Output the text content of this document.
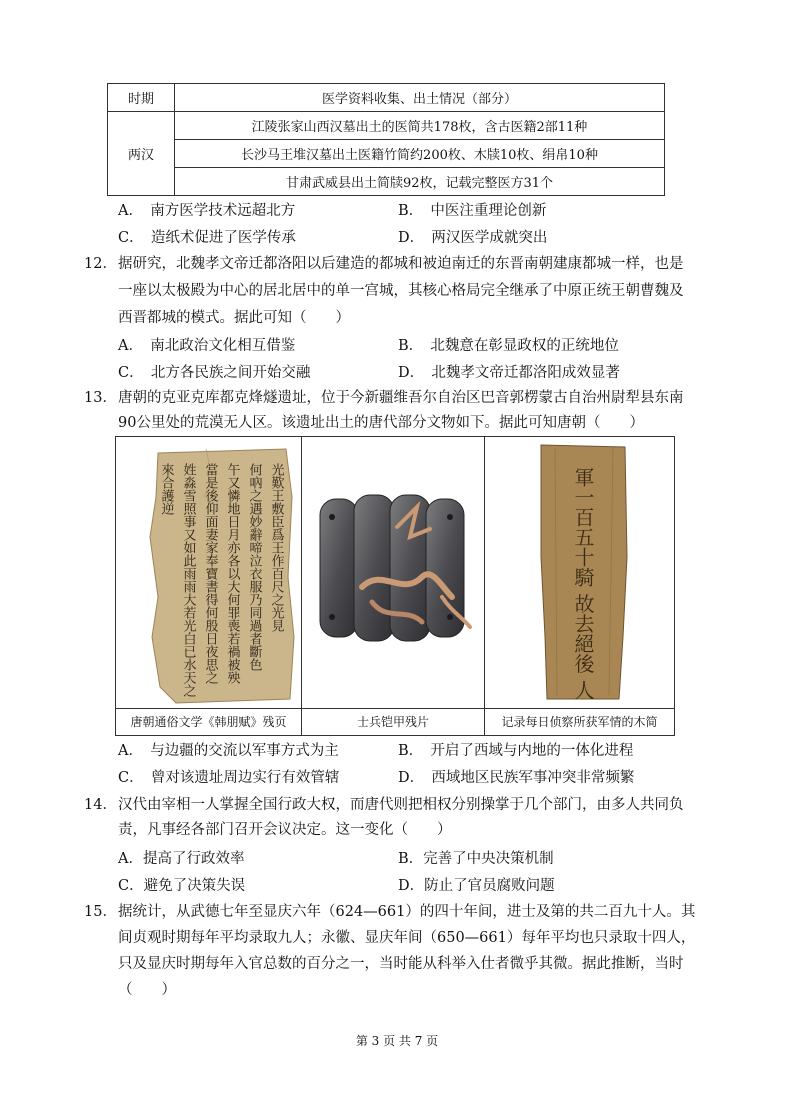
时期	医学资料收集、出土情况（部分）
两汉	江陵张家山西汉墓出土的医简共178枚，含古医籍2部11种
	长沙马王堆汉墓出土医籍竹简约200枚、木牍10枚、绢帛10种
	甘肃武威县出土简牍92枚，记载完整医方31个
A．　南方医学技术远超北方	B．　中医注重理论创新
C．　造纸术促进了医学传承	D．　两汉医学成就突出
12．据研究，北魏孝文帝迁都洛阳以后建造的都城和被迫南迁的东晋南朝建康都城一样，也是
一座以太极殿为中心的居北居中的单一宫城，其核心格局完全继承了中原正统王朝曹魏及
西晋都城的模式。据此可知（　　）
A．　南北政治文化相互借鉴	B．　北魏意在彰显政权的正统地位
C．　北方各民族之间开始交融	D．　北魏孝文帝迁都洛阳成效显著
13．唐朝的克亚克库都克烽燧遗址，位于今新疆维吾尔自治区巴音郭楞蒙古自治州尉犁县东南
90公里处的荒漠无人区。该遗址出土的唐代部分文物如下。据此可知唐朝（　　）
光歎王敷臣爲王作百尺之光見
何吶之遇妙辭啼泣衣服乃同過者斷色
午又憐地日月亦各以大何罪喪若禍被殃
當是後仰面妻家奉寶書得何殷日夜思之
姓淼雪照事又如此雨雨大若光白已水天之
來合護逆
唐朝通俗文学《韩朋赋》残页	士兵铠甲残片
軍一百五十騎 故去絕後 人
记录每日侦察所获军情的木简
A．　与边疆的交流以军事方式为主	B．　开启了西域与内地的一体化进程
C．　曾对该遗址周边实行有效管辖	D．　西域地区民族军事冲突非常频繁
14．汉代由宰相一人掌握全国行政大权，而唐代则把相权分别操掌于几个部门，由多人共同负
责，凡事经各部门召开会议决定。这一变化（　　）
A．提高了行政效率	B．完善了中央决策机制
C．避免了决策失误	D．防止了官员腐败问题
15．据统计，从武德七年至显庆六年（624—661）的四十年间，进士及第的共二百九十人。其
间贞观时期每年平均录取九人；永徽、显庆年间（650—661）每年平均也只录取十四人，
只及显庆时期每年入官总数的百分之一，当时能从科举入仕者微乎其微。据此推断，当时
（　　）
第 3 页 共 7 页
